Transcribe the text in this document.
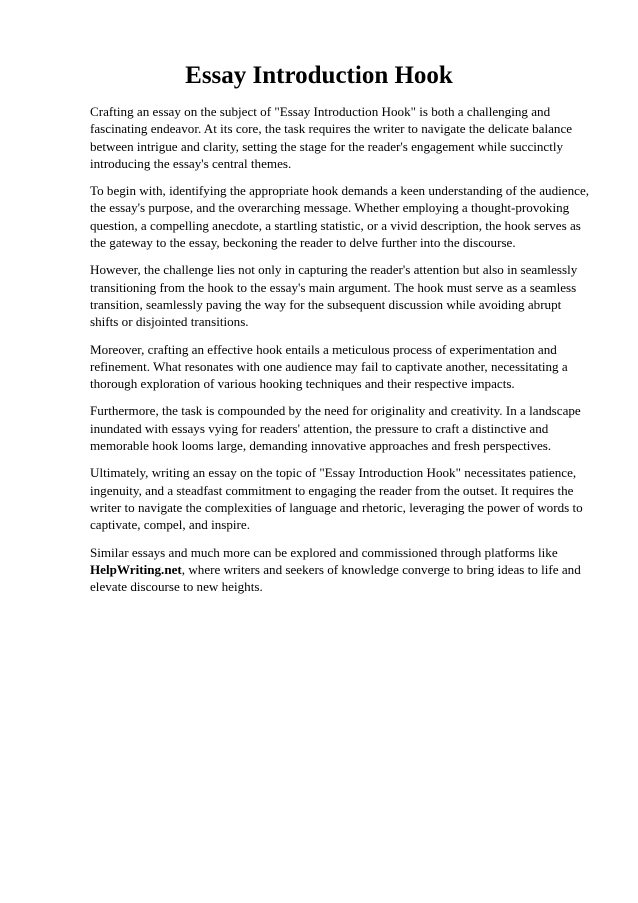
Essay Introduction Hook

Crafting an essay on the subject of "Essay Introduction Hook" is both a challenging and fascinating endeavor. At its core, the task requires the writer to navigate the delicate balance between intrigue and clarity, setting the stage for the reader's engagement while succinctly introducing the essay's central themes.

To begin with, identifying the appropriate hook demands a keen understanding of the audience, the essay's purpose, and the overarching message. Whether employing a thought-provoking question, a compelling anecdote, a startling statistic, or a vivid description, the hook serves as the gateway to the essay, beckoning the reader to delve further into the discourse.

However, the challenge lies not only in capturing the reader's attention but also in seamlessly transitioning from the hook to the essay's main argument. The hook must serve as a seamless transition, seamlessly paving the way for the subsequent discussion while avoiding abrupt shifts or disjointed transitions.

Moreover, crafting an effective hook entails a meticulous process of experimentation and refinement. What resonates with one audience may fail to captivate another, necessitating a thorough exploration of various hooking techniques and their respective impacts.

Furthermore, the task is compounded by the need for originality and creativity. In a landscape inundated with essays vying for readers' attention, the pressure to craft a distinctive and memorable hook looms large, demanding innovative approaches and fresh perspectives.

Ultimately, writing an essay on the topic of "Essay Introduction Hook" necessitates patience, ingenuity, and a steadfast commitment to engaging the reader from the outset. It requires the writer to navigate the complexities of language and rhetoric, leveraging the power of words to captivate, compel, and inspire.

Similar essays and much more can be explored and commissioned through platforms like HelpWriting.net, where writers and seekers of knowledge converge to bring ideas to life and elevate discourse to new heights.
